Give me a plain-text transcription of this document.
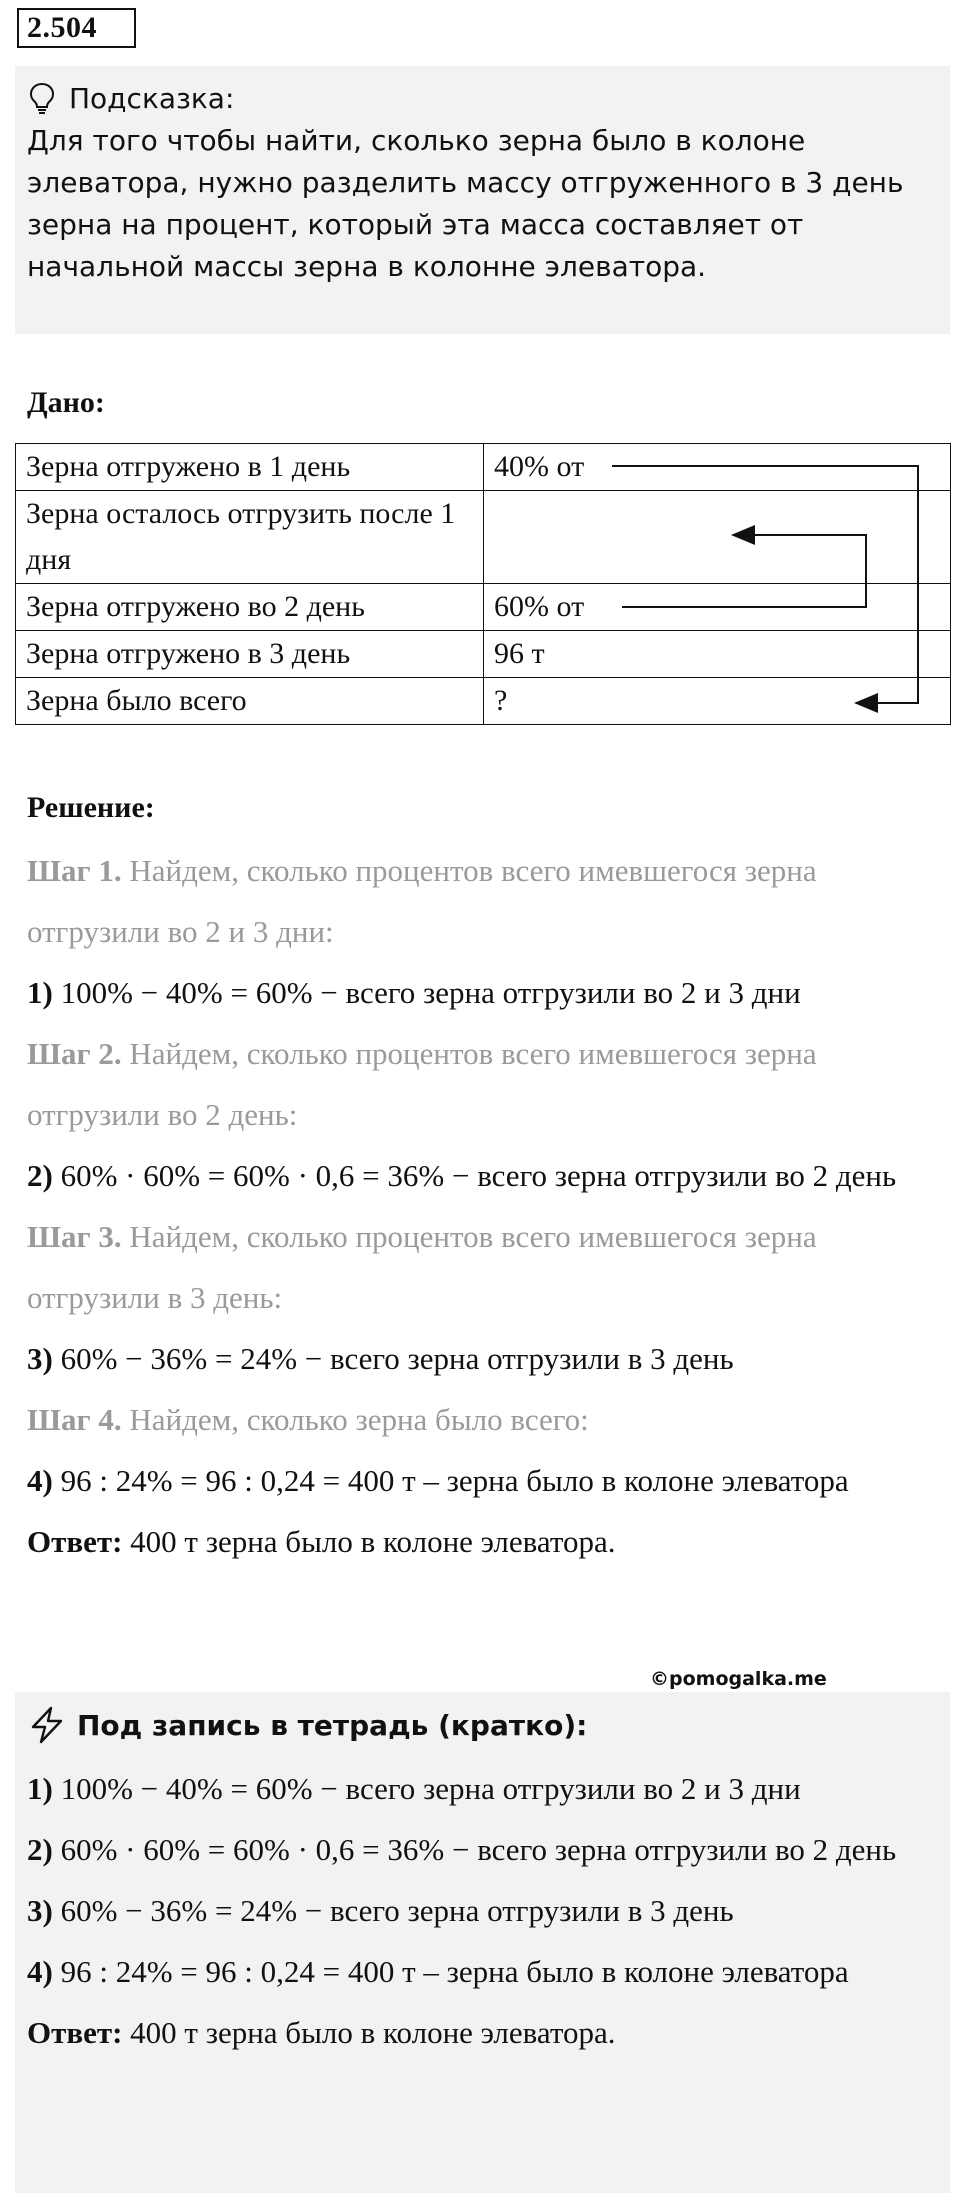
2.504
Подсказка:
Для того чтобы найти, сколько зерна было в колоне элеватора, нужно разделить массу отгруженного в 3 день зерна на процент, который эта масса составляет от начальной массы зерна в колонне элеватора.
Дано:
Зерна отгружено в 1 день	40% от
Зерна осталось отгрузить после 1 дня	
Зерна отгружено во 2 день	60% от
Зерна отгружено в 3 день	96 т
Зерна было всего	?
Решение:
Шаг 1. Найдем, сколько процентов всего имевшегося зерна отгрузили во 2 и 3 дни:
1) 100% − 40% = 60% − всего зерна отгрузили во 2 и 3 дни
Шаг 2. Найдем, сколько процентов всего имевшегося зерна отгрузили во 2 день:
2) 60% · 60% = 60% · 0,6 = 36% − всего зерна отгрузили во 2 день
Шаг 3. Найдем, сколько процентов всего имевшегося зерна отгрузили в 3 день:
3) 60% − 36% = 24% − всего зерна отгрузили в 3 день
Шаг 4. Найдем, сколько зерна было всего:
4) 96 : 24% = 96 : 0,24 = 400 т – зерна было в колоне элеватора
Ответ: 400 т зерна было в колоне элеватора.
©pomogalka.me
Под запись в тетрадь (кратко):
1) 100% − 40% = 60% − всего зерна отгрузили во 2 и 3 дни
2) 60% · 60% = 60% · 0,6 = 36% − всего зерна отгрузили во 2 день
3) 60% − 36% = 24% − всего зерна отгрузили в 3 день
4) 96 : 24% = 96 : 0,24 = 400 т – зерна было в колоне элеватора
Ответ: 400 т зерна было в колоне элеватора.
